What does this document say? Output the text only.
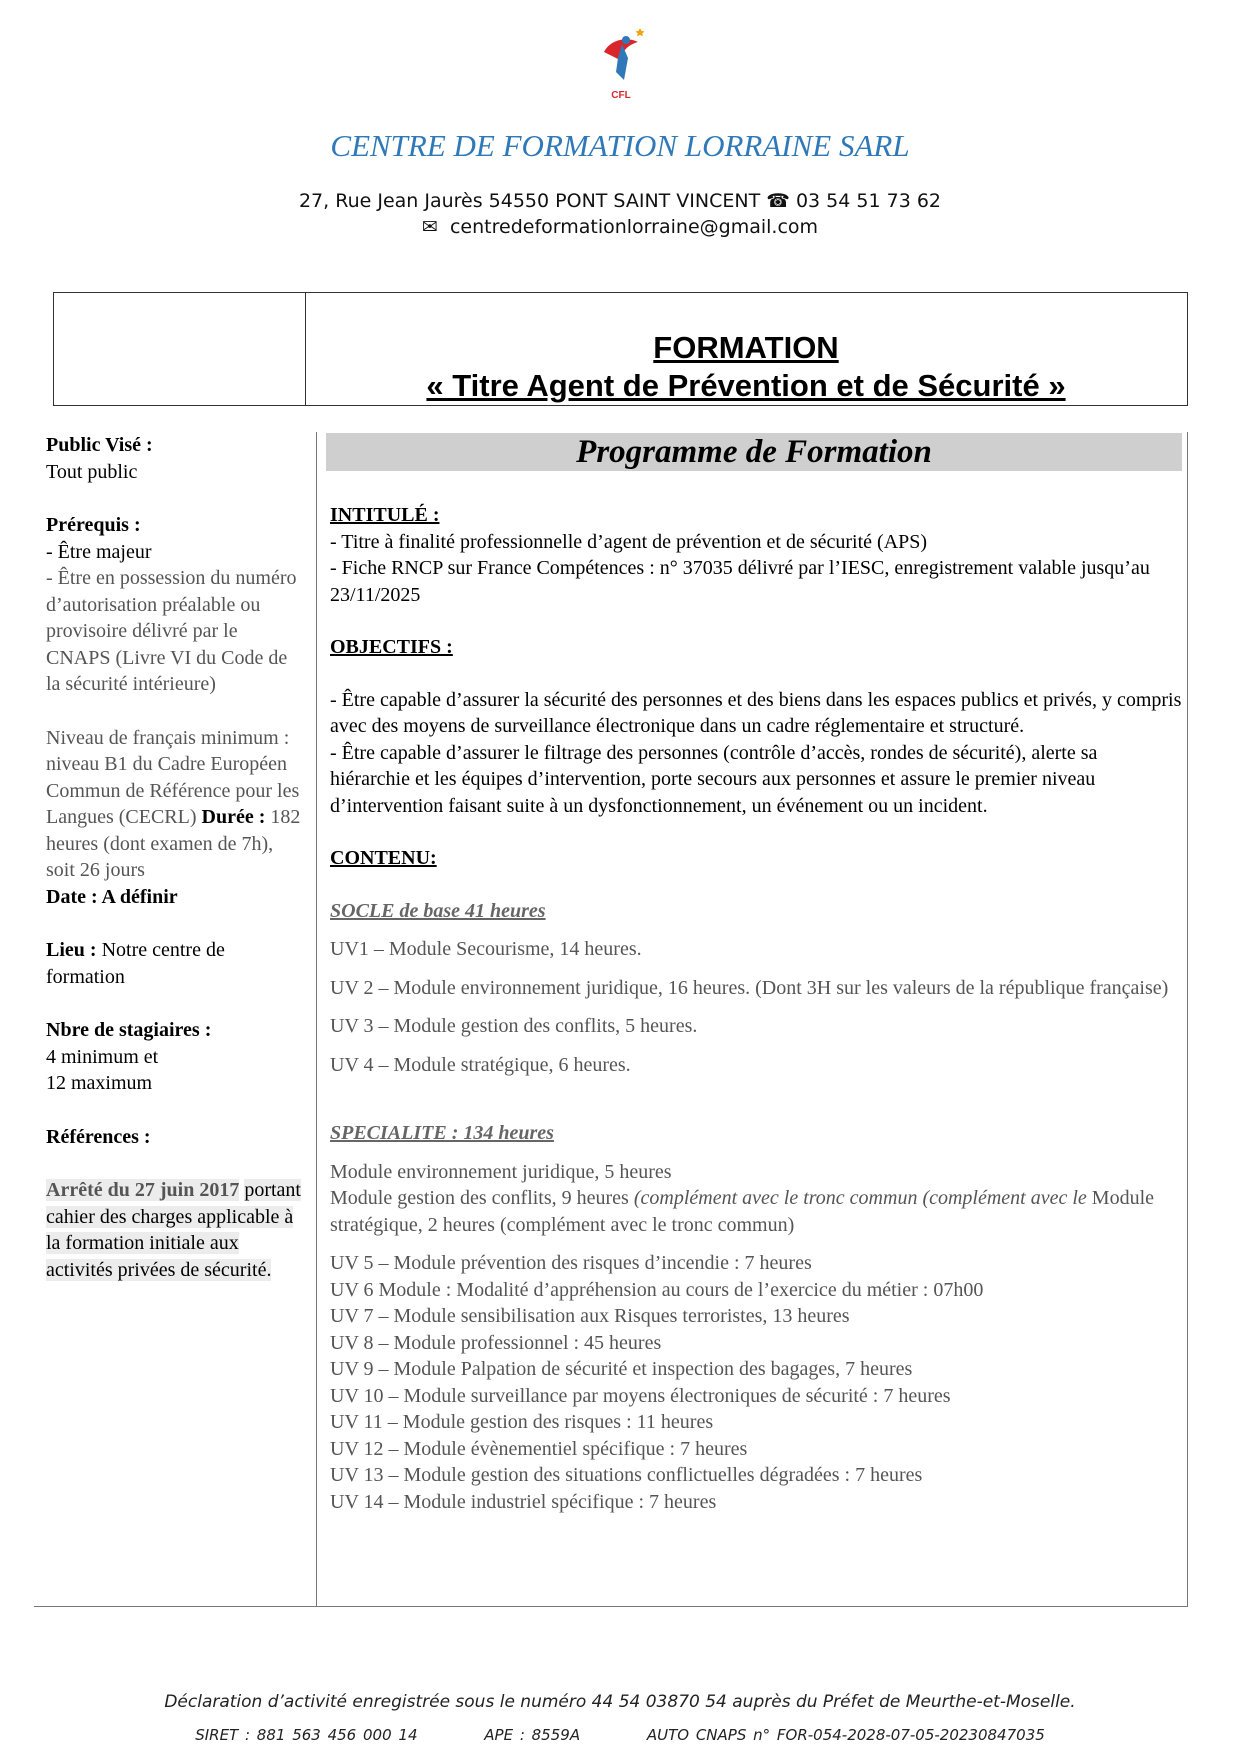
CFL
CENTRE DE FORMATION LORRAINE SARL
27, Rue Jean Jaurès 54550 PONT SAINT VINCENT ☎ 03 54 51 73 62
✉ centredeformationlorraine@gmail.com
FORMATION
« Titre Agent de Prévention et de Sécurité »

Public Visé :
Tout public

Prérequis :
- Être majeur
- Être en possession du numéro d’autorisation préalable ou provisoire délivré par le CNAPS (Livre VI du Code de la sécurité intérieure)

Niveau de français minimum : niveau B1 du Cadre Européen Commun de Référence pour les Langues (CECRL) Durée : 182 heures (dont examen de 7h), soit 26 jours
Date : A définir

Lieu : Notre centre de formation

Nbre de stagiaires :
4 minimum et
12 maximum

Références :

Arrêté du 27 juin 2017 portant cahier des charges applicable à la formation initiale aux activités privées de sécurité.

Programme de Formation
INTITULÉ :
- Titre à finalité professionnelle d’agent de prévention et de sécurité (APS)
- Fiche RNCP sur France Compétences : n° 37035 délivré par l’IESC, enregistrement valable jusqu’au 23/11/2025
OBJECTIFS :
- Être capable d’assurer la sécurité des personnes et des biens dans les espaces publics et privés, y compris avec des moyens de surveillance électronique dans un cadre réglementaire et structuré.
- Être capable d’assurer le filtrage des personnes (contrôle d’accès, rondes de sécurité), alerte sa hiérarchie et les équipes d’intervention, porte secours aux personnes et assure le premier niveau d’intervention faisant suite à un dysfonctionnement, un événement ou un incident.
CONTENU:
SOCLE de base 41 heures
UV1 – Module Secourisme, 14 heures.
UV 2 – Module environnement juridique, 16 heures. (Dont 3H sur les valeurs de la république française)
UV 3 – Module gestion des conflits, 5 heures.
UV 4 – Module stratégique, 6 heures.
SPECIALITE : 134 heures
Module environnement juridique, 5 heures
Module gestion des conflits, 9 heures (complément avec le tronc commun (complément avec le Module stratégique, 2 heures (complément avec le tronc commun)
UV 5 – Module prévention des risques d’incendie : 7 heures
UV 6 Module : Modalité d’appréhension au cours de l’exercice du métier : 07h00
UV 7 – Module sensibilisation aux Risques terroristes, 13 heures
UV 8 – Module professionnel : 45 heures
UV 9 – Module Palpation de sécurité et inspection des bagages, 7 heures
UV 10 – Module surveillance par moyens électroniques de sécurité : 7 heures
UV 11 – Module gestion des risques : 11 heures
UV 12 – Module évènementiel spécifique : 7 heures
UV 13 – Module gestion des situations conflictuelles dégradées : 7 heures
UV 14 – Module industriel spécifique : 7 heures
Déclaration d’activité enregistrée sous le numéro 44 54 03870 54 auprès du Préfet de Meurthe-et-Moselle.
SIRET : 881 563 456 000 14	APE : 8559A	AUTO CNAPS n° FOR-054-2028-07-05-20230847035
